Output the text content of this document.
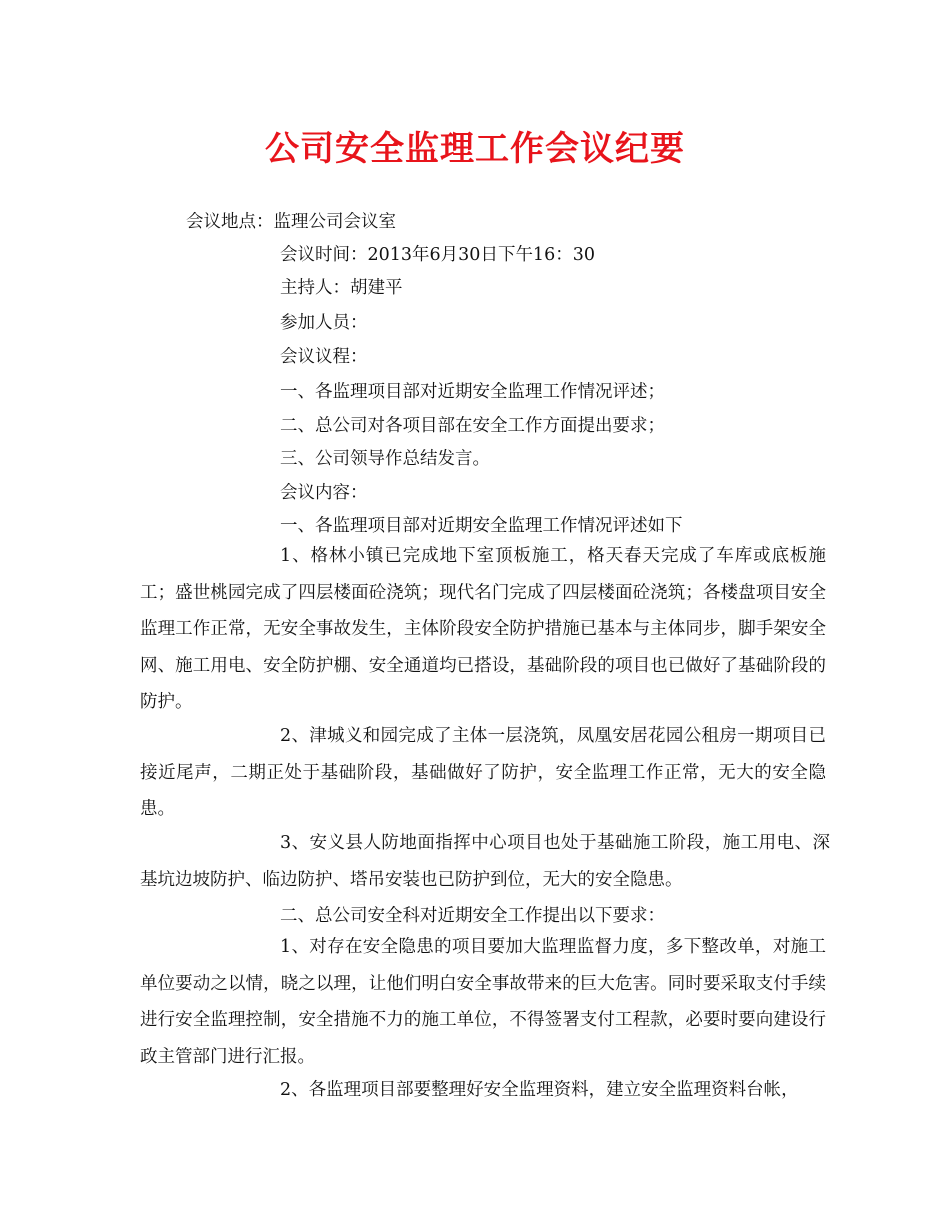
公司安全监理工作会议纪要
会议地点：监理公司会议室
会议时间：2013年6月30日下午16：30
主持人：胡建平
参加人员：
会议议程：
一、各监理项目部对近期安全监理工作情况评述；
二、总公司对各项目部在安全工作方面提出要求；
三、公司领导作总结发言。
会议内容：
一、各监理项目部对近期安全监理工作情况评述如下
1、格林小镇已完成地下室顶板施工，格天春天完成了车库或底板施工；盛世桃园完成了四层楼面砼浇筑；现代名门完成了四层楼面砼浇筑；各楼盘项目安全监理工作正常，无安全事故发生，主体阶段安全防护措施已基本与主体同步，脚手架安全网、施工用电、安全防护棚、安全通道均已搭设，基础阶段的项目也已做好了基础阶段的防护。
2、津城义和园完成了主体一层浇筑，凤凰安居花园公租房一期项目已接近尾声，二期正处于基础阶段，基础做好了防护，安全监理工作正常，无大的安全隐患。
3、安义县人防地面指挥中心项目也处于基础施工阶段，施工用电、深基坑边坡防护、临边防护、塔吊安装也已防护到位，无大的安全隐患。
二、总公司安全科对近期安全工作提出以下要求：
1、对存在安全隐患的项目要加大监理监督力度，多下整改单，对施工单位要动之以情，晓之以理，让他们明白安全事故带来的巨大危害。同时要采取支付手续进行安全监理控制，安全措施不力的施工单位，不得签署支付工程款，必要时要向建设行政主管部门进行汇报。
2、各监理项目部要整理好安全监理资料，建立安全监理资料台帐，
